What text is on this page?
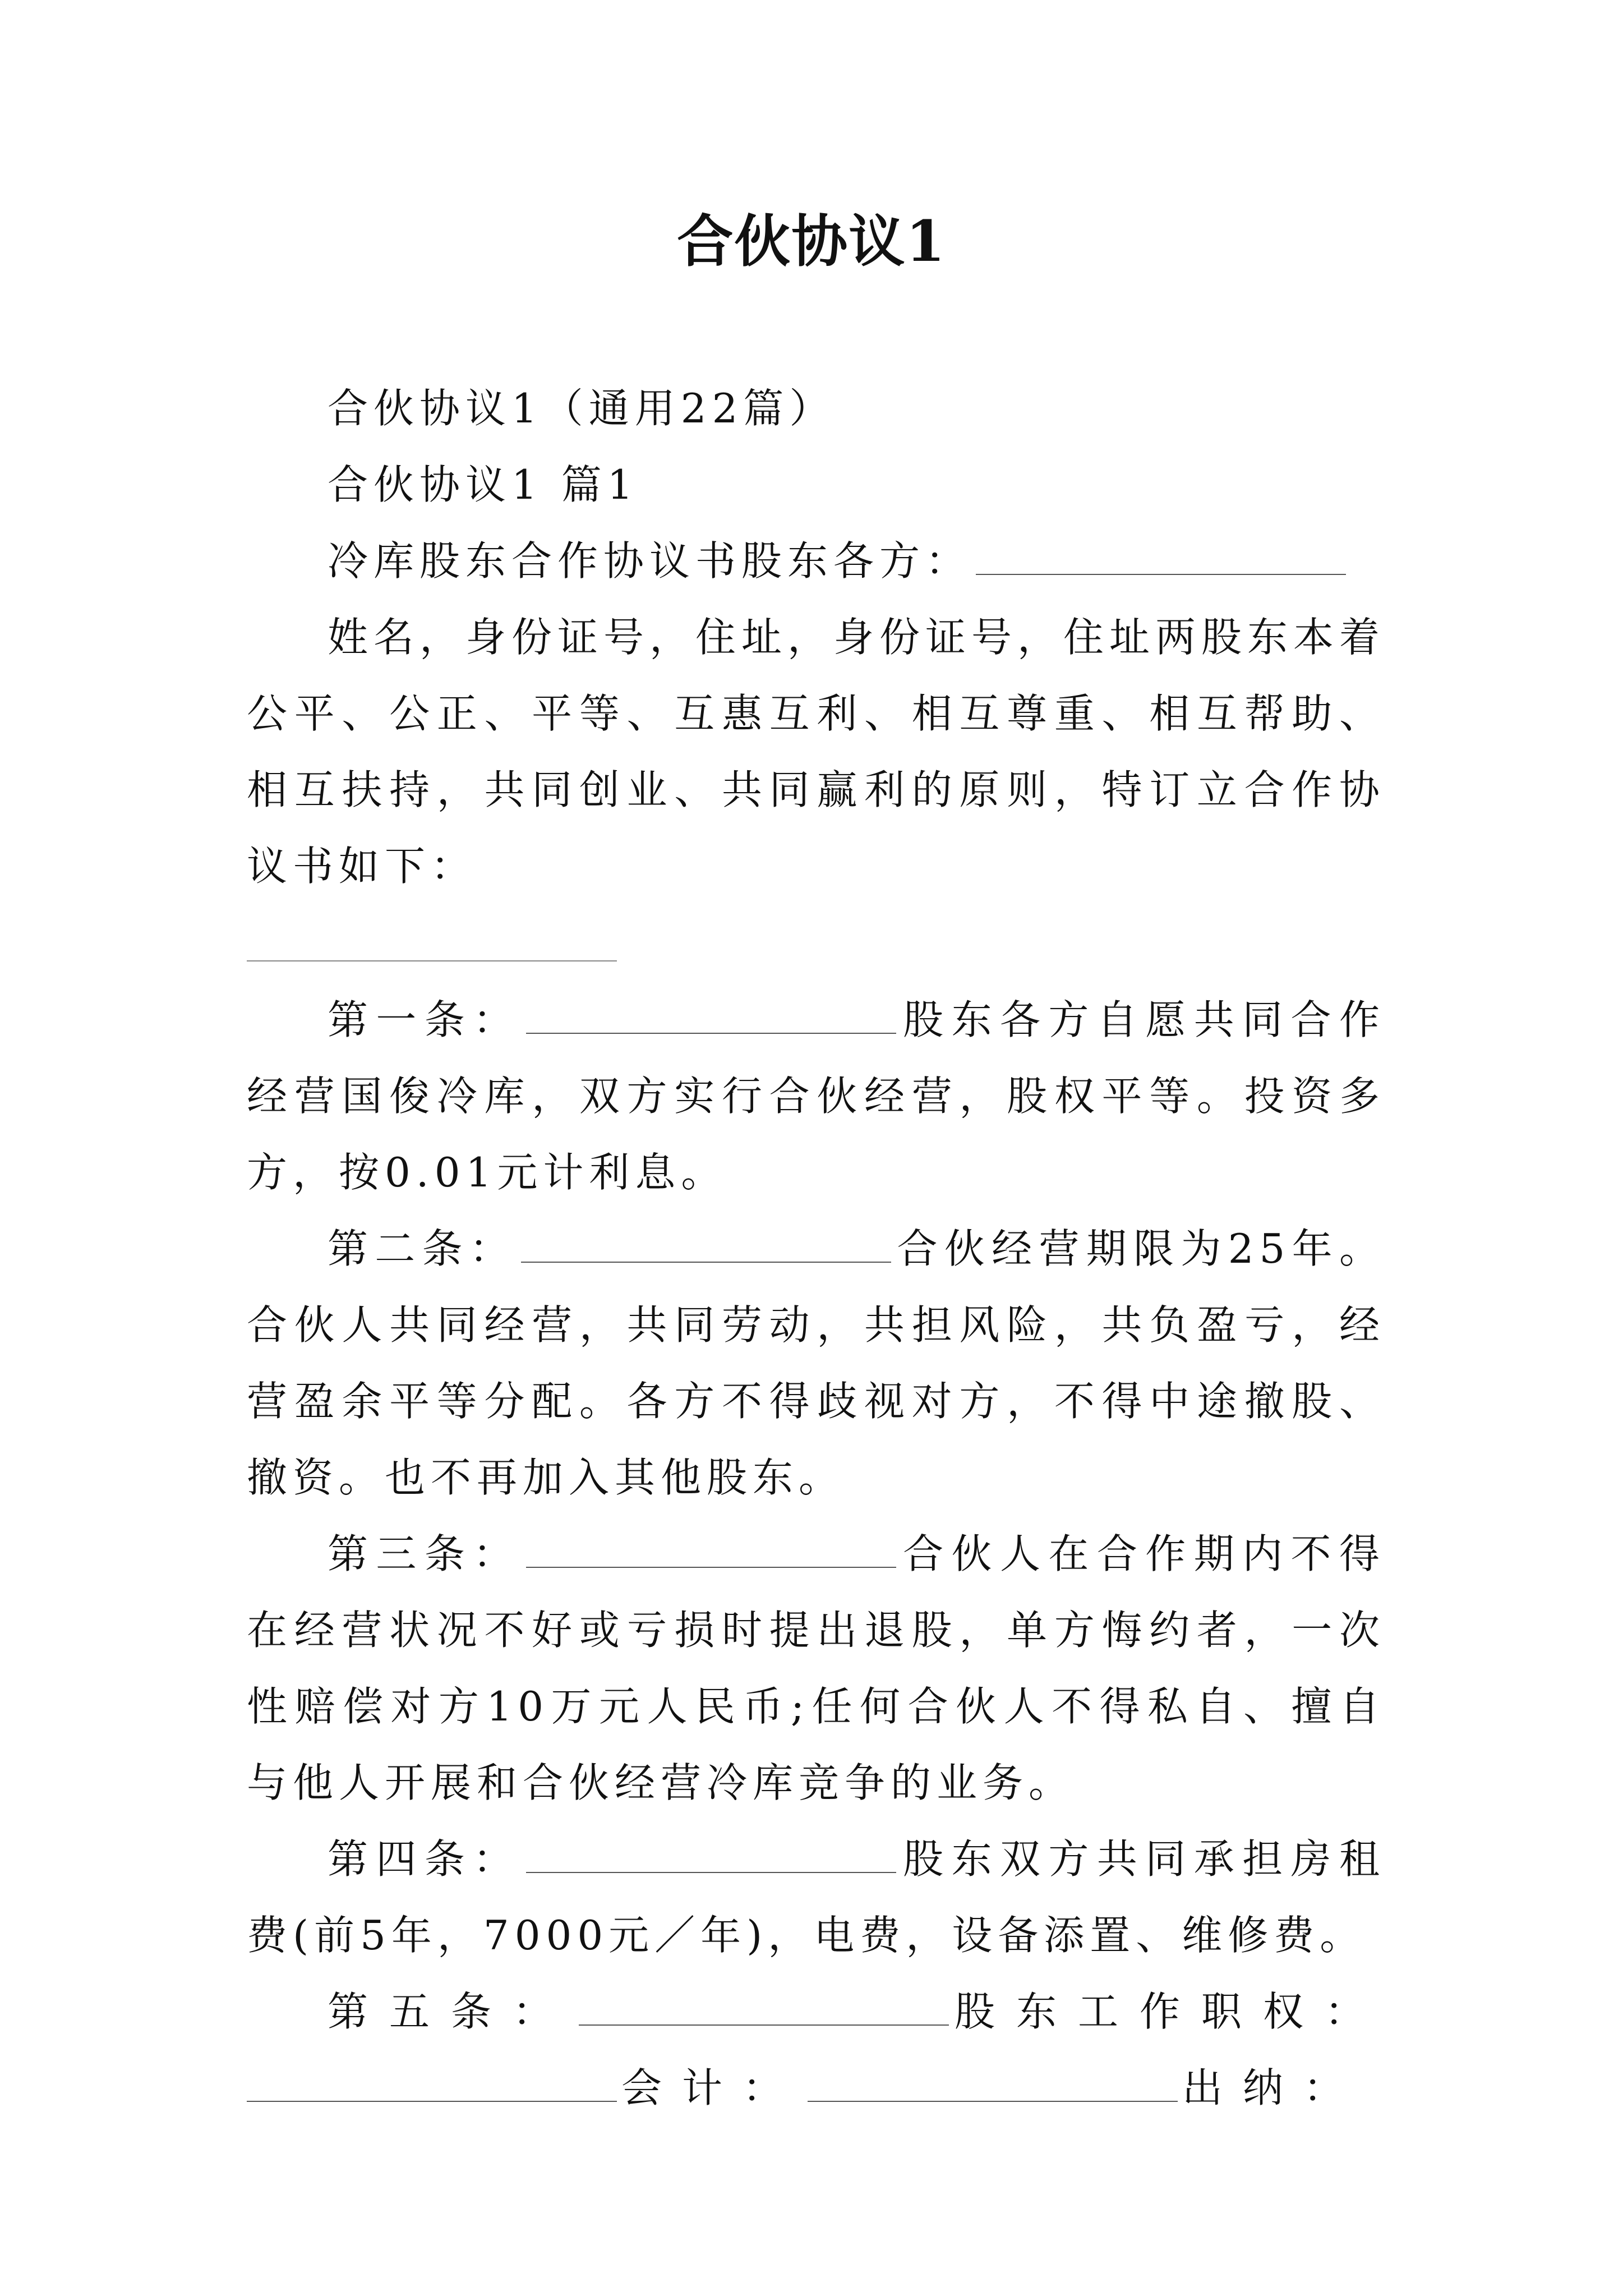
合伙协议1

合伙协议1（通用22篇）

合伙协议1 篇1

冷库股东合作协议书股东各方：

姓名，身份证号，住址，身份证号，住址两股东本着公平、公正、平等、互惠互利、相互尊重、相互帮助、相互扶持，共同创业、共同赢利的原则，特订立合作协议书如下：

第一条：	股东各方自愿共同合作经营国俊冷库，双方实行合伙经营，股权平等。投资多方，按0.01元计利息。

第二条：	合伙经营期限为25年。合伙人共同经营，共同劳动，共担风险，共负盈亏，经营盈余平等分配。各方不得歧视对方，不得中途撤股、撤资。也不再加入其他股东。

第三条：	合伙人在合作期内不得在经营状况不好或亏损时提出退股，单方悔约者，一次性赔偿对方10万元人民币;任何合伙人不得私自、擅自与他人开展和合伙经营冷库竞争的业务。

第四条：	股东双方共同承担房租费(前5年，7000元／年)，电费，设备添置、维修费。

第五条：	股东工作职权：会计：	出纳：
